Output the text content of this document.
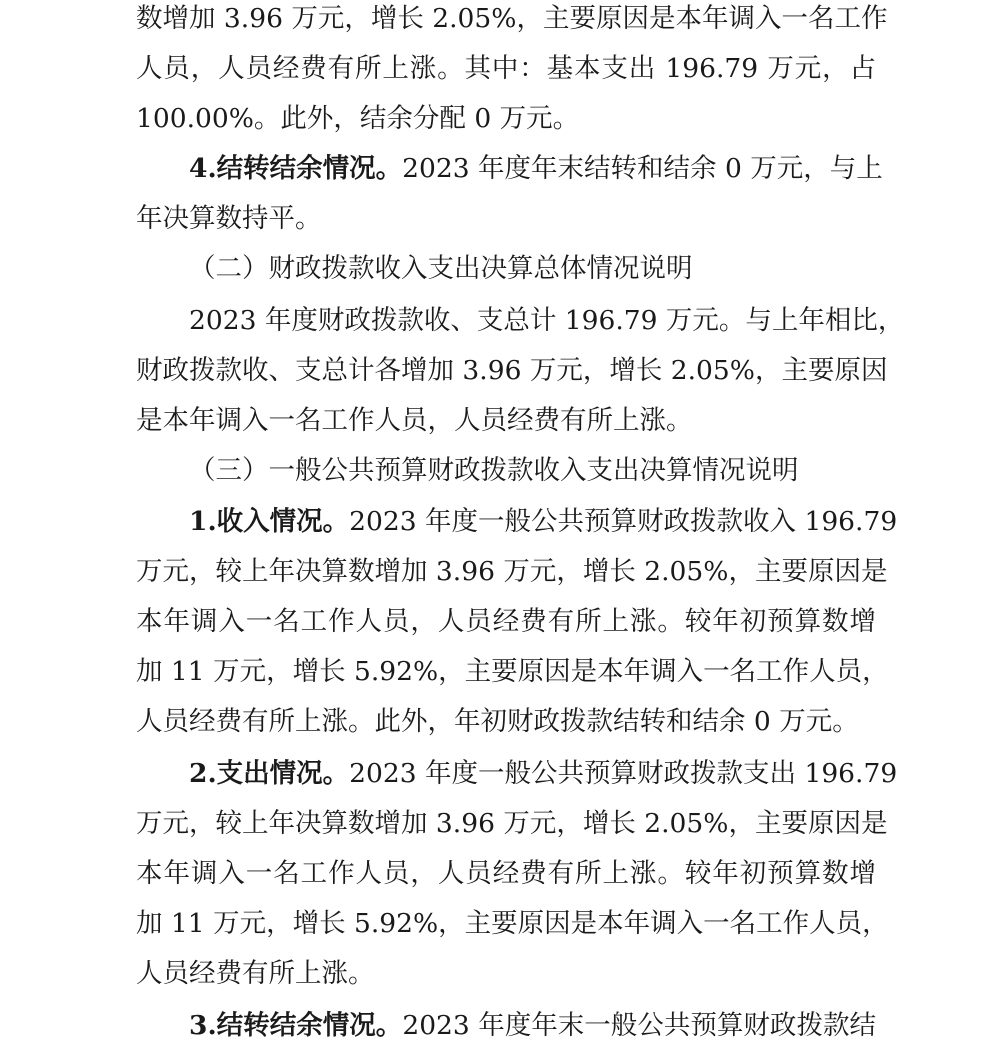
数增加 3.96 万元，增长 2.05%，主要原因是本年调入一名工作
人员，人员经费有所上涨。其中：基本支出 196.79 万元，占
100.00%。此外，结余分配 0 万元。
4.结转结余情况。2023 年度年末结转和结余 0 万元，与上
年决算数持平。
（二）财政拨款收入支出决算总体情况说明
2023 年度财政拨款收、支总计 196.79 万元。与上年相比，
财政拨款收、支总计各增加 3.96 万元，增长 2.05%，主要原因
是本年调入一名工作人员，人员经费有所上涨。
（三）一般公共预算财政拨款收入支出决算情况说明
1.收入情况。2023 年度一般公共预算财政拨款收入 196.79
万元，较上年决算数增加 3.96 万元，增长 2.05%，主要原因是
本年调入一名工作人员，人员经费有所上涨。较年初预算数增
加 11 万元，增长 5.92%，主要原因是本年调入一名工作人员，
人员经费有所上涨。此外，年初财政拨款结转和结余 0 万元。
2.支出情况。2023 年度一般公共预算财政拨款支出 196.79
万元，较上年决算数增加 3.96 万元，增长 2.05%，主要原因是
本年调入一名工作人员，人员经费有所上涨。较年初预算数增
加 11 万元，增长 5.92%，主要原因是本年调入一名工作人员，
人员经费有所上涨。
3.结转结余情况。2023 年度年末一般公共预算财政拨款结
